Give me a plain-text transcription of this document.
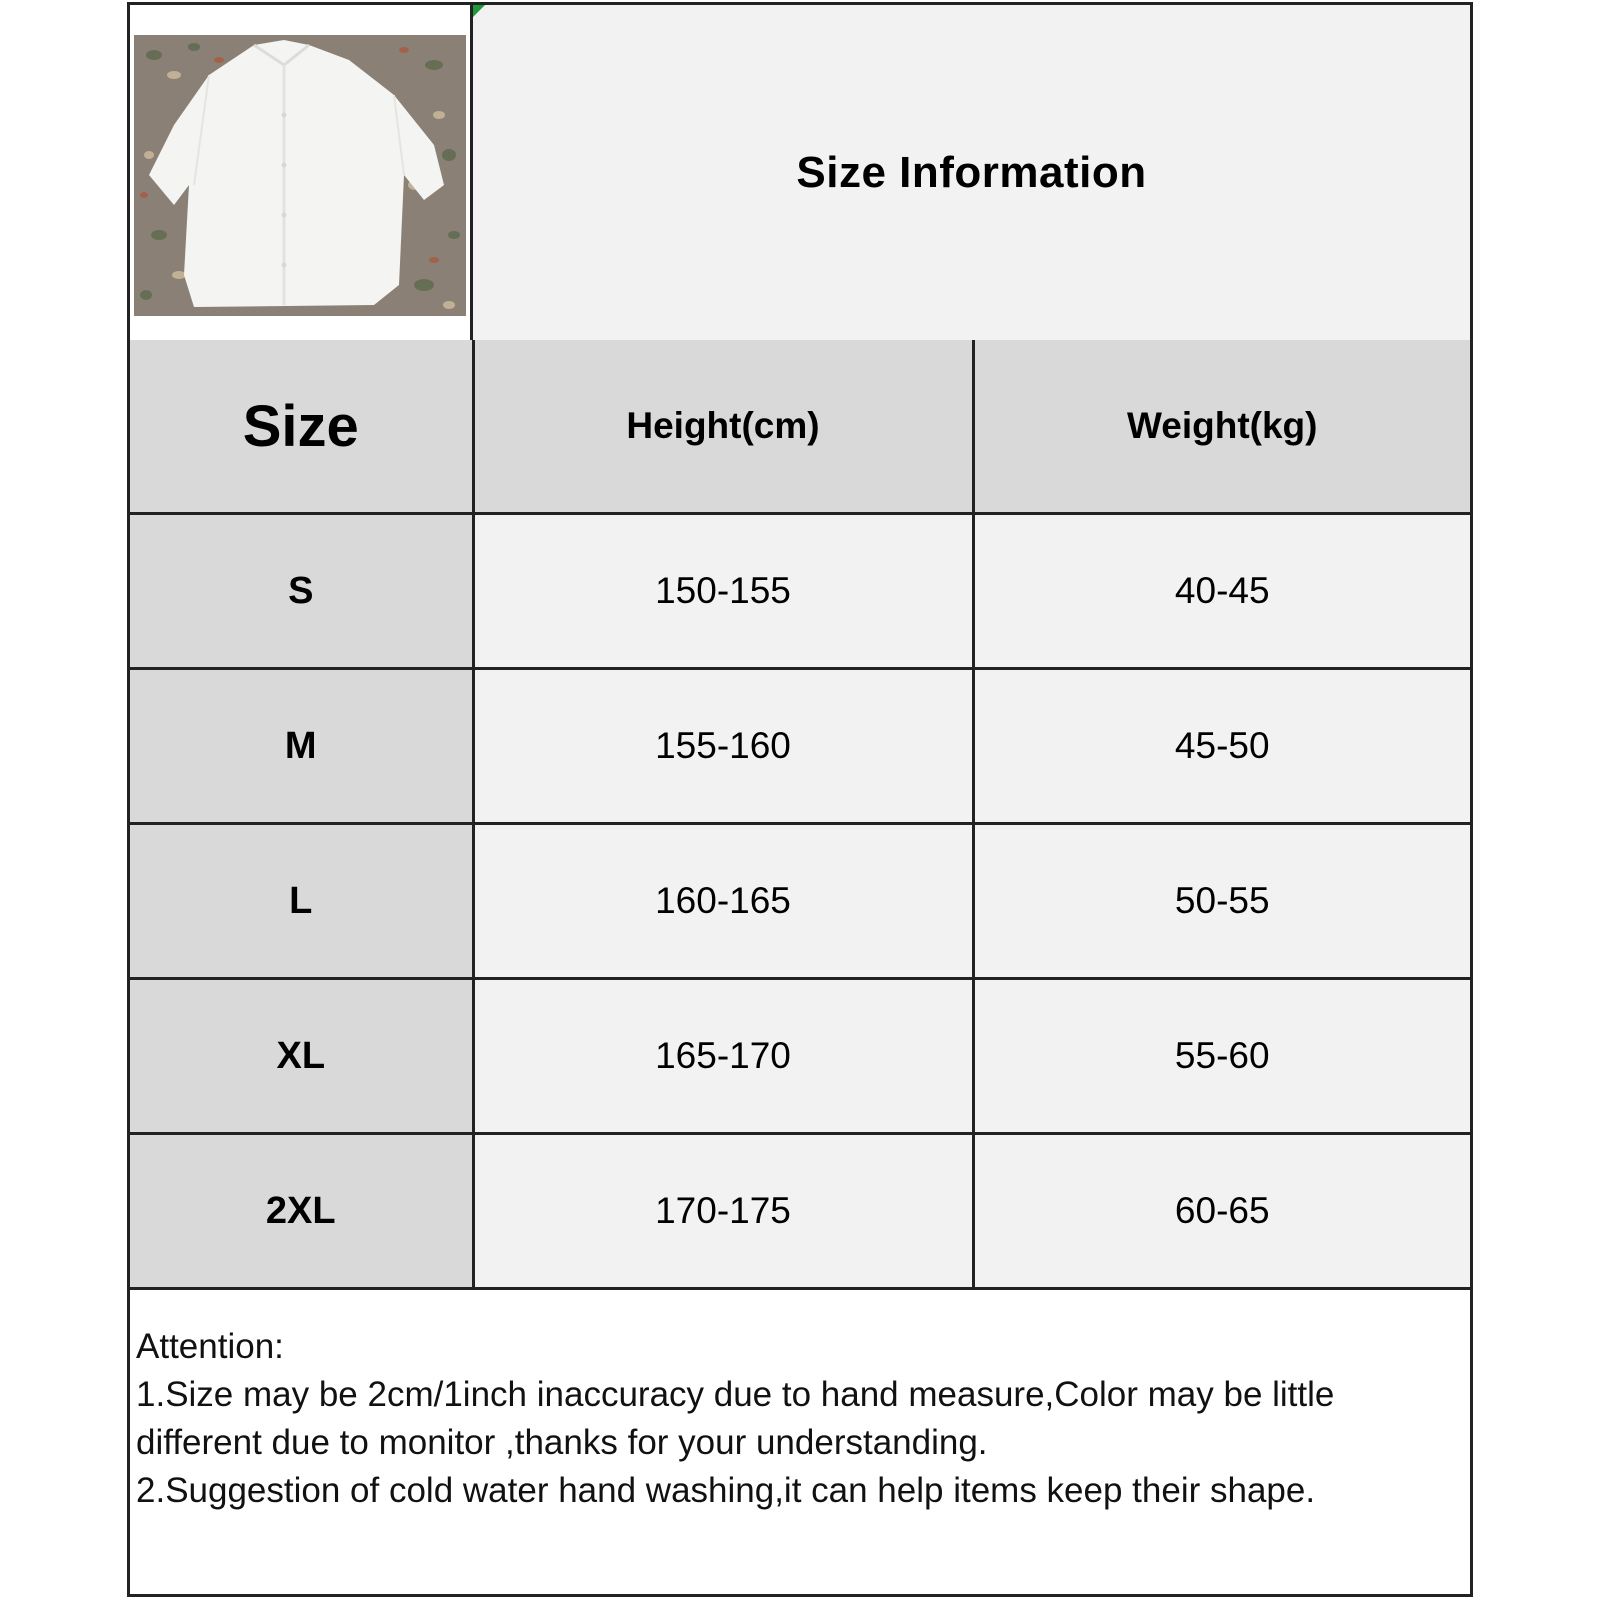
Size Information
Size	Height(cm)	Weight(kg)
S	150-155	40-45
M	155-160	45-50
L	160-165	50-55
XL	165-170	55-60
2XL	170-175	60-65
Attention:
1.Size may be 2cm/1inch inaccuracy due to hand measure,Color may be little different due to monitor ,thanks for your understanding.
2.Suggestion of cold water hand washing,it can help items keep their shape.
